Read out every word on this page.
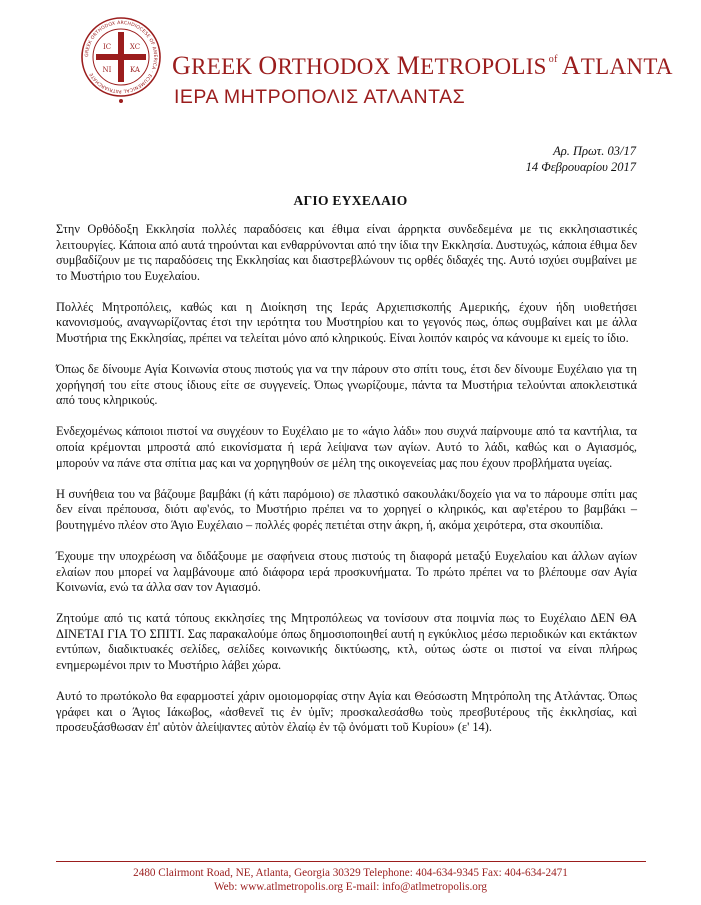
GREEK ORTHODOX ARCHDIOCESE OF AMERICA · ECUMENICAL PATRIARCHATE
IC	XC
NI	KA GREEK ORTHODOX METROPOLIS $^{of}$ ATLANTA
ΙΕΡΑ ΜΗΤΡΟΠΟΛΙΣ ΑΤΛΑΝΤΑΣ
Αρ. Πρωτ. 03/17
14 Φεβρουαρίου 2017
ΑΓΙΟ ΕΥΧΕΛΑΙΟ

Στην Ορθόδοξη Εκκλησία πολλές παραδόσεις και έθιμα είναι άρρηκτα συνδεδεμένα με τις εκκλησιαστικές λειτουργίες. Κάποια από αυτά τηρούνται και ενθαρρύνονται από την ίδια την Εκκλησία. Δυστυχώς, κάποια έθιμα δεν συμβαδίζουν με τις παραδόσεις της Εκκλησίας και διαστρεβλώνουν τις ορθές διδαχές της. Αυτό ισχύει συμβαίνει με το Μυστήριο του Ευχελαίου.

Πολλές Μητροπόλεις, καθώς και η Διοίκηση της Ιεράς Αρχιεπισκοπής Αμερικής, έχουν ήδη υιοθετήσει κανονισμούς, αναγνωρίζοντας έτσι την ιερότητα του Μυστηρίου και το γεγονός πως, όπως συμβαίνει και με άλλα Μυστήρια της Εκκλησίας, πρέπει να τελείται μόνο από κληρικούς. Είναι λοιπόν καιρός να κάνουμε κι εμείς το ίδιο.

Όπως δε δίνουμε Αγία Κοινωνία στους πιστούς για να την πάρουν στο σπίτι τους, έτσι δεν δίνουμε Ευχέλαιο για τη χορήγησή του είτε στους ίδιους είτε σε συγγενείς. Όπως γνωρίζουμε, πάντα τα Μυστήρια τελούνται αποκλειστικά από τους κληρικούς.

Ενδεχομένως κάποιοι πιστοί να συγχέουν το Ευχέλαιο με το «άγιο λάδι» που συχνά παίρνουμε από τα καντήλια, τα οποία κρέμονται μπροστά από εικονίσματα ή ιερά λείψανα των αγίων. Αυτό το λάδι, καθώς και ο Αγιασμός, μπορούν να πάνε στα σπίτια μας και να χορηγηθούν σε μέλη της οικογενείας μας που έχουν προβλήματα υγείας.

Η συνήθεια του να βάζουμε βαμβάκι (ή κάτι παρόμοιο) σε πλαστικό σακουλάκι/δοχείο για να το πάρουμε σπίτι μας δεν είναι πρέπουσα, διότι αφ'ενός, το Μυστήριο πρέπει να το χορηγεί ο κληρικός, και αφ'ετέρου το βαμβάκι – βουτηγμένο πλέον στο Άγιο Ευχέλαιο – πολλές φορές πετιέται στην άκρη, ή, ακόμα χειρότερα, στα σκουπίδια.

Έχουμε την υποχρέωση να διδάξουμε με σαφήνεια στους πιστούς τη διαφορά μεταξύ Ευχελαίου και άλλων αγίων ελαίων που μπορεί να λαμβάνουμε από διάφορα ιερά προσκυνήματα. Το πρώτο πρέπει να το βλέπουμε σαν Αγία Κοινωνία, ενώ τα άλλα σαν τον Αγιασμό.

Ζητούμε από τις κατά τόπους εκκλησίες της Μητροπόλεως να τονίσουν στα ποιμνία πως το Ευχέλαιο ΔΕΝ ΘΑ ΔΙΝΕΤΑΙ ΓΙΑ ΤΟ ΣΠΙΤΙ. Σας παρακαλούμε όπως δημοσιοποιηθεί αυτή η εγκύκλιος μέσω περιοδικών και εκτάκτων εντύπων, διαδικτυακές σελίδες, σελίδες κοινωνικής δικτύωσης, κτλ, ούτως ώστε οι πιστοί να είναι πλήρως ενημερωμένοι πριν το Μυστήριο λάβει χώρα.

Αυτό το πρωτόκολο θα εφαρμοστεί χάριν ομοιομορφίας στην Αγία και Θεόσωστη Μητρόπολη της Ατλάντας. Όπως γράφει και ο Άγιος Ιάκωβος, «ἀσθενεῖ τις ἐν ὑμῖν; προσκαλεσάσθω τοὺς πρεσβυτέρους τῆς ἐκκλησίας, καὶ προσευξάσθωσαν ἐπ' αὐτὸν ἀλείψαντες αὐτὸν ἐλαίῳ ἐν τῷ ὀνόματι τοῦ Κυρίου» (ε' 14).

2480 Clairmont Road, NE, Atlanta, Georgia 30329 Telephone: 404-634-9345 Fax: 404-634-2471
Web: www.atlmetropolis.org E-mail: info@atlmetropolis.org
